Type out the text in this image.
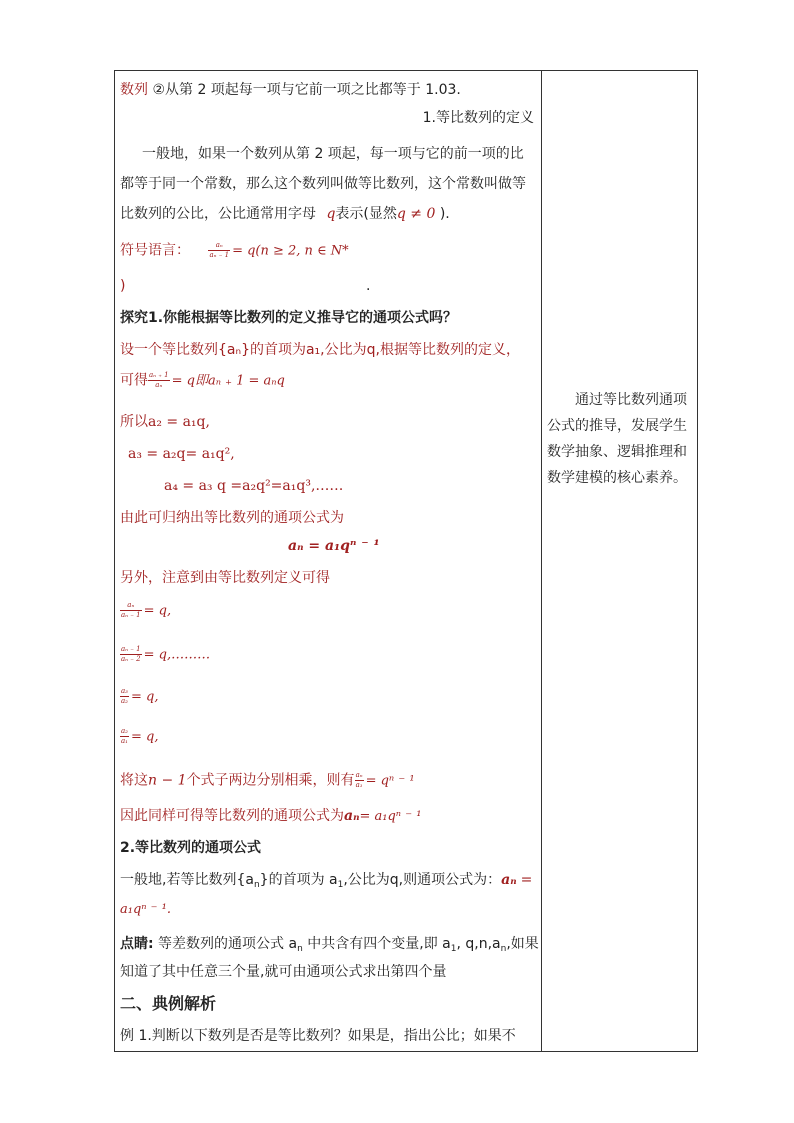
数列 ②从第 2 项起每一项与它前一项之比都等于 1.03.
1.等比数列的定义
一般地，如果一个数列从第 2 项起，每一项与它的前一项的比
都等于同一个常数，那么这个数列叫做等比数列，这个常数叫做等
比数列的公比，公比通常用字母 q表示(显然q ≠ 0 ).
符号语言：	$\frac{\text{aₙ}}{\text{aₙ ₋ 1}} = q(n \ge 2$, n ∈ N*
)	.
探究1.你能根据等比数列的定义推导它的通项公式吗？
设一个等比数列{aₙ}的首项为a₁,公比为q,根据等比数列的定义，
可得 $\frac{\text{aₙ ₊ 1}}{\text{aₙ}} = q$即aₙ ₊ 1 = aₙq
所以a₂ = a₁q,
a₃ = a₂q= a₁q²,
a₄ = a₃ q =a₂q²=a₁q³,……
由此可归纳出等比数列的通项公式为
aₙ = a₁qⁿ ⁻ ¹
另外，注意到由等比数列定义可得
$\frac{\text{aₙ}}{\text{aₙ ₋ 1}} = q$,
$\frac{\text{aₙ ₋ 1}}{\text{aₙ ₋ 2}}$ = q,………
$\frac{\text{a₃}}{\text{a₂}} = q$,
$\frac{\text{a₂}}{\text{a₁}} = q$,
将这n − 1个式子两边分别相乘，则有 $\frac{\text{aₙ}}{\text{a₁}} = q^n$ ⁻ ¹
因此同样可得等比数列的通项公式为aₙ= a₁qⁿ ⁻ ¹
2.等比数列的通项公式
一般地,若等比数列$\{a_n\}$的首项为 $a_1$,公比为q,则通项公式为：aₙ =
a₁qⁿ ⁻ ¹.
点睛: 等差数列的通项公式 $a_n$ 中共含有四个变量,即 $a_1$, $q,n,a_n$,如果
知道了其中任意三个量,就可由通项公式求出第四个量
二、典例解析
例 1.判断以下数列是否是等比数列？如果是，指出公比；如果不
通过等比数列通项公式的推导，发展学生数学抽象、逻辑推理和数学建模的核心素养。
